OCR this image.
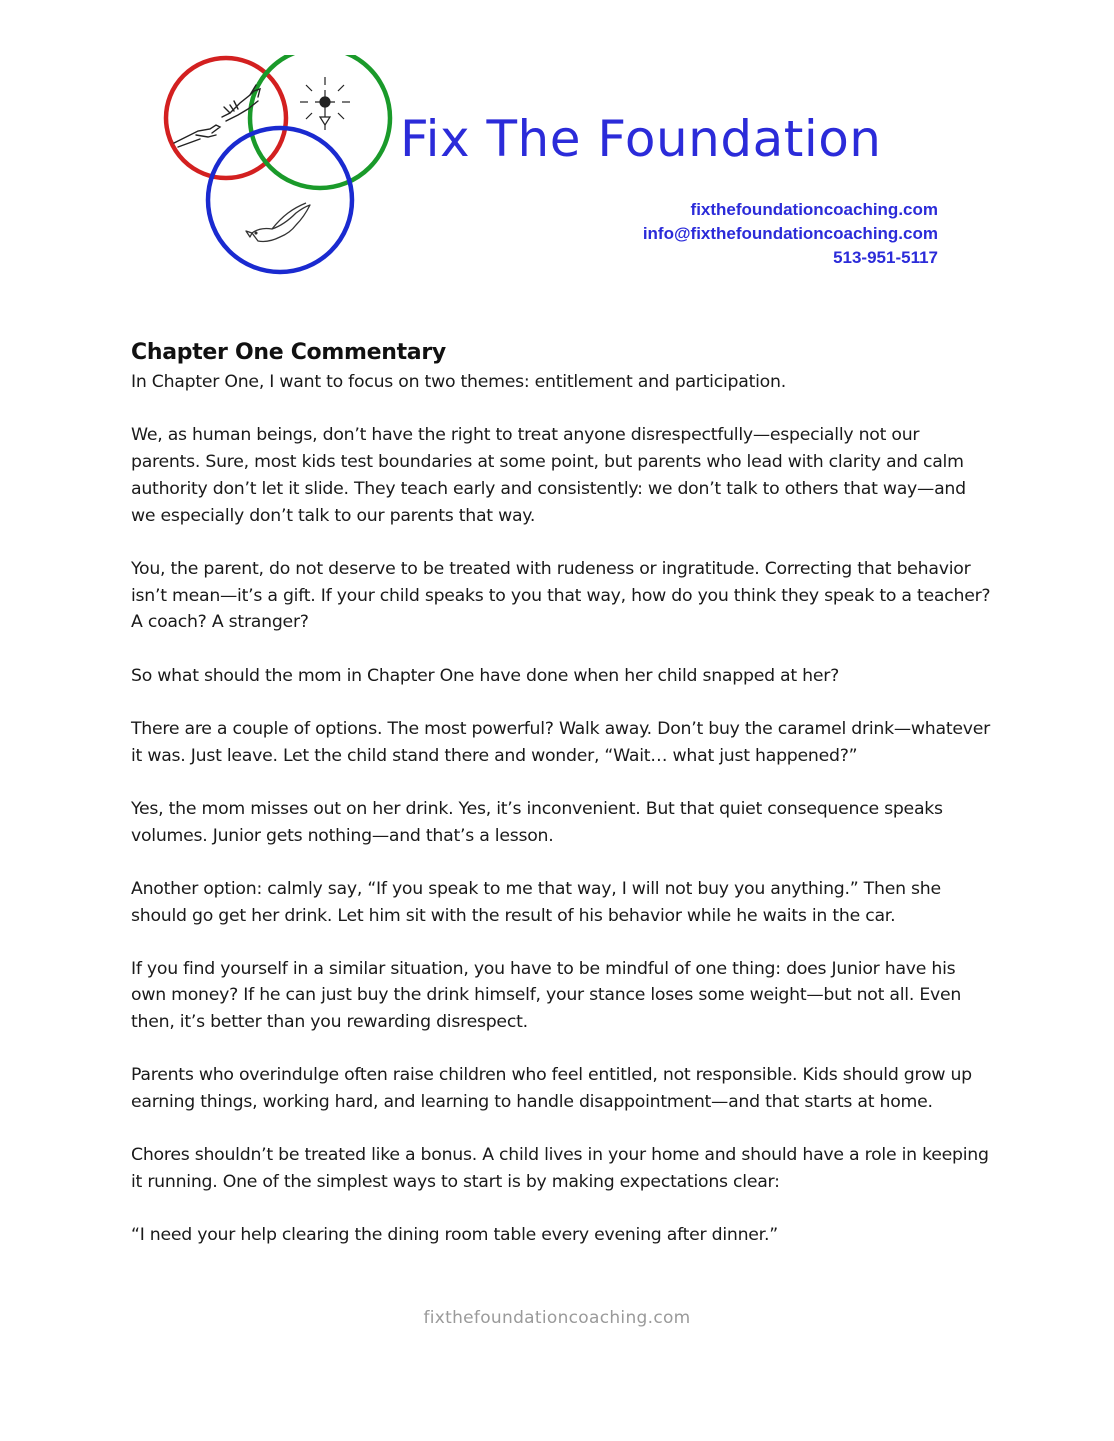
Fix The Foundation
fixthefoundationcoaching.com
info@fixthefoundationcoaching.com
513-951-5117
Chapter One Commentary

In Chapter One, I want to focus on two themes: entitlement and participation.

We, as human beings, don’t have the right to treat anyone disrespectfully—especially not our parents. Sure, most kids test boundaries at some point, but parents who lead with clarity and calm authority don’t let it slide. They teach early and consistently: we don’t talk to others that way—and we especially don’t talk to our parents that way.

You, the parent, do not deserve to be treated with rudeness or ingratitude. Correcting that behavior isn’t mean—it’s a gift. If your child speaks to you that way, how do you think they speak to a teacher? A coach? A stranger?

So what should the mom in Chapter One have done when her child snapped at her?

There are a couple of options. The most powerful? Walk away. Don’t buy the caramel drink—whatever it was. Just leave. Let the child stand there and wonder, “Wait… what just happened?”

Yes, the mom misses out on her drink. Yes, it’s inconvenient. But that quiet consequence speaks volumes. Junior gets nothing—and that’s a lesson.

Another option: calmly say, “If you speak to me that way, I will not buy you anything.” Then she should go get her drink. Let him sit with the result of his behavior while he waits in the car.

If you find yourself in a similar situation, you have to be mindful of one thing: does Junior have his own money? If he can just buy the drink himself, your stance loses some weight—but not all. Even then, it’s better than you rewarding disrespect.

Parents who overindulge often raise children who feel entitled, not responsible. Kids should grow up earning things, working hard, and learning to handle disappointment—and that starts at home.

Chores shouldn’t be treated like a bonus. A child lives in your home and should have a role in keeping it running. One of the simplest ways to start is by making expectations clear:

“I need your help clearing the dining room table every evening after dinner.”

fixthefoundationcoaching.com
